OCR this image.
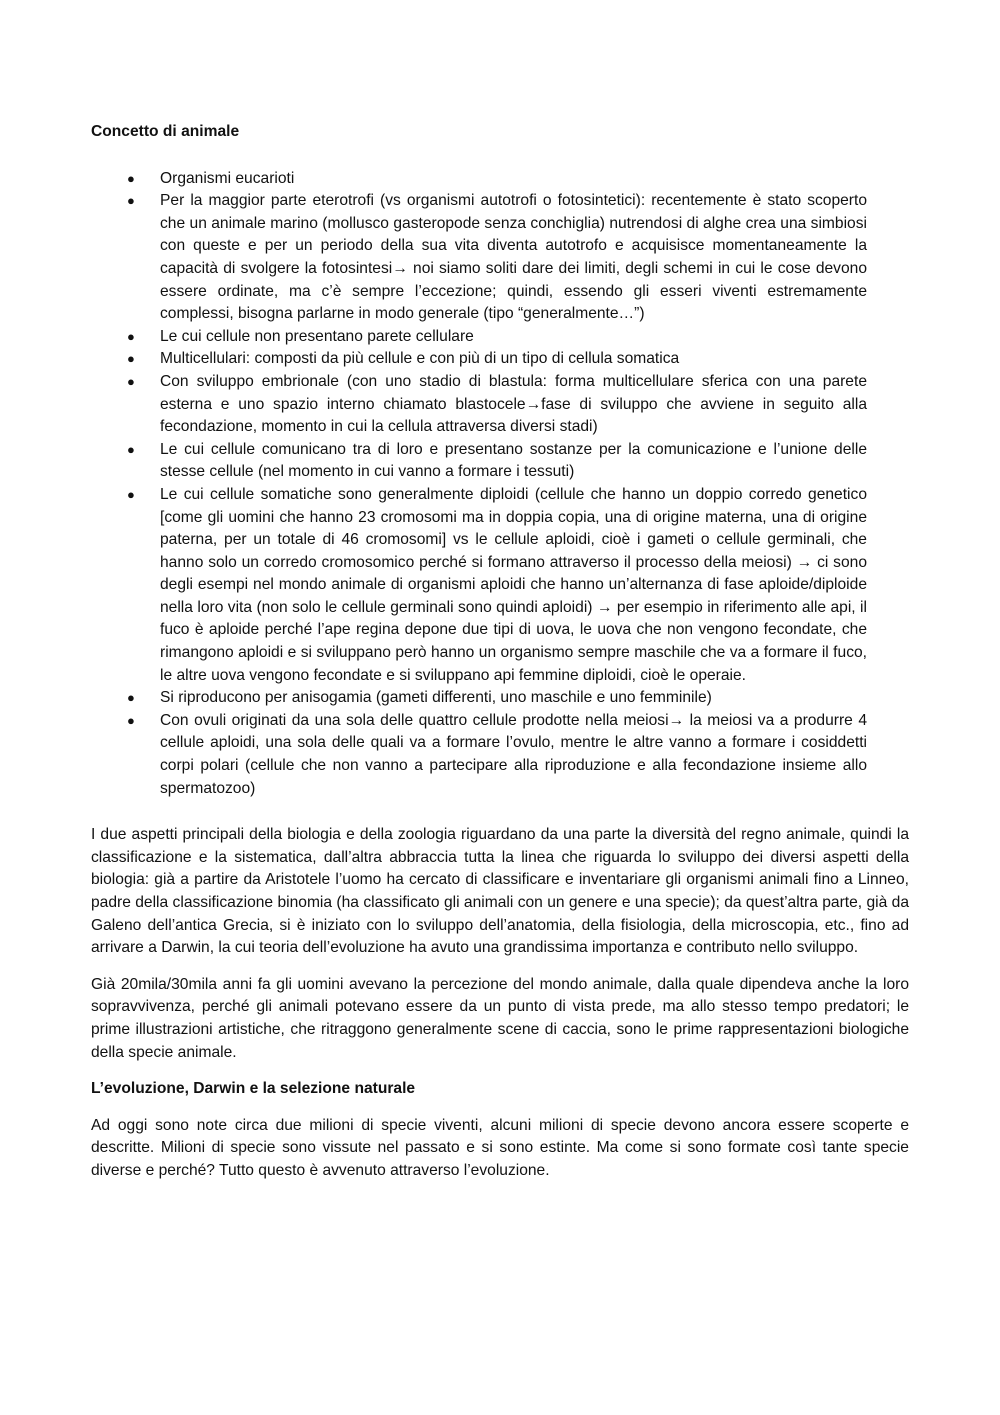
Concetto di animale

● Organismi eucarioti
● Per la maggior parte eterotrofi (vs organismi autotrofi o fotosintetici): recentemente è stato scoperto che un animale marino (mollusco gasteropode senza conchiglia) nutrendosi di alghe crea una simbiosi con queste e per un periodo della sua vita diventa autotrofo e acquisisce momentaneamente la capacità di svolgere la fotosintesi→ noi siamo soliti dare dei limiti, degli schemi in cui le cose devono essere ordinate, ma c’è sempre l’eccezione; quindi, essendo gli esseri viventi estremamente complessi, bisogna parlarne in modo generale (tipo “generalmente…”)
● Le cui cellule non presentano parete cellulare
● Multicellulari: composti da più cellule e con più di un tipo di cellula somatica
● Con sviluppo embrionale (con uno stadio di blastula: forma multicellulare sferica con una parete esterna e uno spazio interno chiamato blastocele→fase di sviluppo che avviene in seguito alla fecondazione, momento in cui la cellula attraversa diversi stadi)
● Le cui cellule comunicano tra di loro e presentano sostanze per la comunicazione e l’unione delle stesse cellule (nel momento in cui vanno a formare i tessuti)
● Le cui cellule somatiche sono generalmente diploidi (cellule che hanno un doppio corredo genetico [come gli uomini che hanno 23 cromosomi ma in doppia copia, una di origine materna, una di origine paterna, per un totale di 46 cromosomi] vs le cellule aploidi, cioè i gameti o cellule germinali, che hanno solo un corredo cromosomico perché si formano attraverso il processo della meiosi) → ci sono degli esempi nel mondo animale di organismi aploidi che hanno un’alternanza di fase aploide/diploide nella loro vita (non solo le cellule germinali sono quindi aploidi) → per esempio in riferimento alle api, il fuco è aploide perché l’ape regina depone due tipi di uova, le uova che non vengono fecondate, che rimangono aploidi e si sviluppano però hanno un organismo sempre maschile che va a formare il fuco, le altre uova vengono fecondate e si sviluppano api femmine diploidi, cioè le operaie.
● Si riproducono per anisogamia (gameti differenti, uno maschile e uno femminile)
● Con ovuli originati da una sola delle quattro cellule prodotte nella meiosi→ la meiosi va a produrre 4 cellule aploidi, una sola delle quali va a formare l’ovulo, mentre le altre vanno a formare i cosiddetti corpi polari (cellule che non vanno a partecipare alla riproduzione e alla fecondazione insieme allo spermatozoo)

I due aspetti principali della biologia e della zoologia riguardano da una parte la diversità del regno animale, quindi la classificazione e la sistematica, dall’altra abbraccia tutta la linea che riguarda lo sviluppo dei diversi aspetti della biologia: già a partire da Aristotele l’uomo ha cercato di classificare e inventariare gli organismi animali fino a Linneo, padre della classificazione binomia (ha classificato gli animali con un genere e una specie); da quest’altra parte, già da Galeno dell’antica Grecia, si è iniziato con lo sviluppo dell’anatomia, della fisiologia, della microscopia, etc., fino ad arrivare a Darwin, la cui teoria dell’evoluzione ha avuto una grandissima importanza e contributo nello sviluppo.

Già 20mila/30mila anni fa gli uomini avevano la percezione del mondo animale, dalla quale dipendeva anche la loro sopravvivenza, perché gli animali potevano essere da un punto di vista prede, ma allo stesso tempo predatori; le prime illustrazioni artistiche, che ritraggono generalmente scene di caccia, sono le prime rappresentazioni biologiche della specie animale.

L’evoluzione, Darwin e la selezione naturale

Ad oggi sono note circa due milioni di specie viventi, alcuni milioni di specie devono ancora essere scoperte e descritte. Milioni di specie sono vissute nel passato e si sono estinte. Ma come si sono formate così tante specie diverse e perché? Tutto questo è avvenuto attraverso l’evoluzione.
